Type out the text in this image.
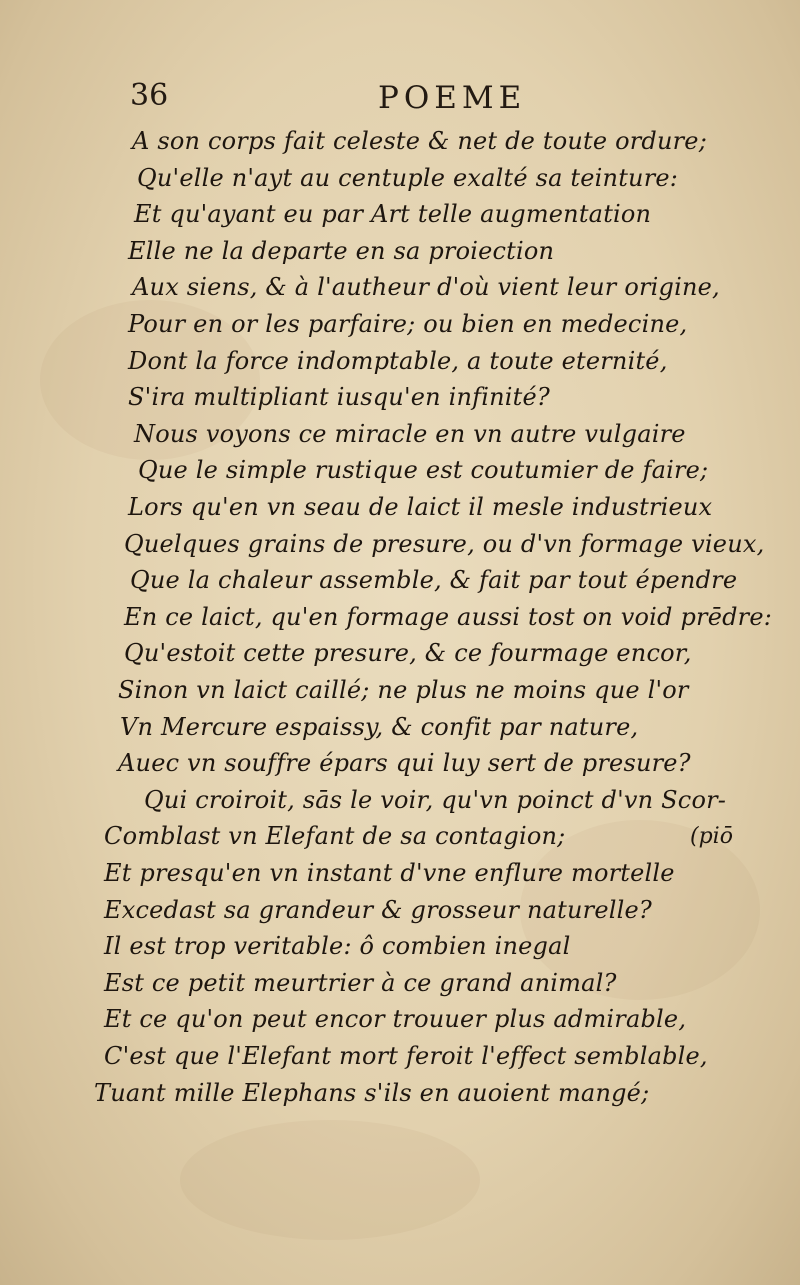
36	POEME
A son corps fait celeste & net de toute ordure;
Qu'elle n'ayt au centuple exalté sa teinture:
Et qu'ayant eu par Art telle augmentation
Elle ne la departe en sa proiection
Aux siens, & à l'autheur d'où vient leur origine,
Pour en or les parfaire; ou bien en medecine,
Dont la force indomptable, a toute eternité,
S'ira multipliant iusqu'en infinité?
Nous voyons ce miracle en vn autre vulgaire
Que le simple rustique est coutumier de faire;
Lors qu'en vn seau de laict il mesle industrieux
Quelques grains de presure, ou d'vn formage vieux,
Que la chaleur assemble, & fait par tout épendre
En ce laict, qu'en formage aussi tost on void prēdre:
Qu'estoit cette presure, & ce fourmage encor,
Sinon vn laict caillé; ne plus ne moins que l'or
Vn Mercure espaissy, & confit par nature,
Auec vn souffre épars qui luy sert de presure?
Qui croiroit, sās le voir, qu'vn poinct d'vn Scor-
Comblast vn Elefant de sa contagion;
Et presqu'en vn instant d'vne enflure mortelle
Excedast sa grandeur & grosseur naturelle?
Il est trop veritable: ô combien inegal
Est ce petit meurtrier à ce grand animal?
Et ce qu'on peut encor trouuer plus admirable,
C'est que l'Elefant mort feroit l'effect semblable,
Tuant mille Elephans s'ils en auoient mangé;
(piō
